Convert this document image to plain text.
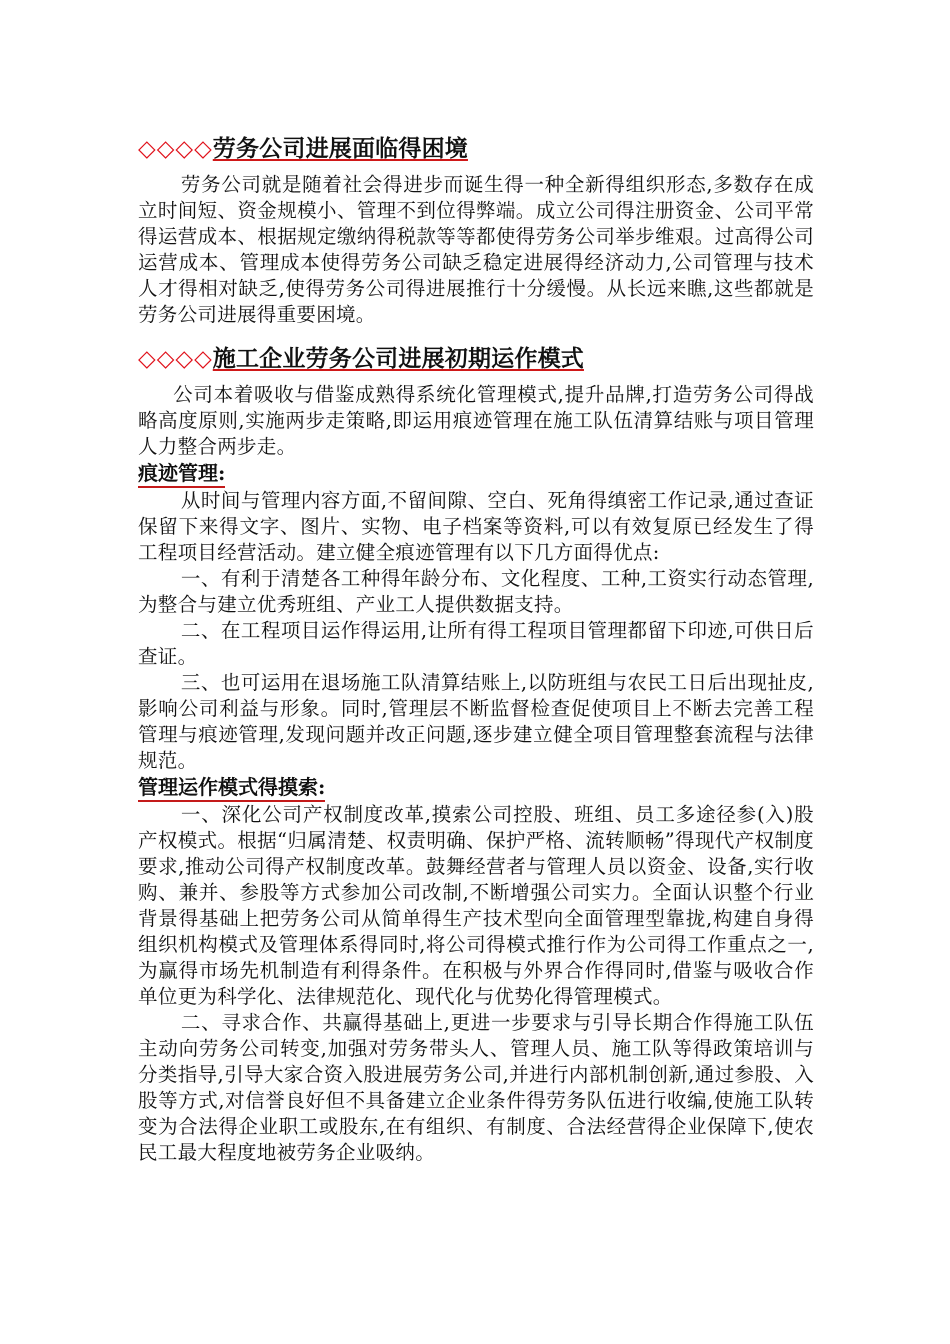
◇◇◇◇劳务公司进展面临得困境

劳务公司就是随着社会得进步而诞生得一种全新得组织形态,多数存在成立时间短、资金规模小、管理不到位得弊端。成立公司得注册资金、公司平常得运营成本、根据规定缴纳得税款等等都使得劳务公司举步维艰。过高得公司运营成本、管理成本使得劳务公司缺乏稳定进展得经济动力,公司管理与技术人才得相对缺乏,使得劳务公司得进展推行十分缓慢。从长远来瞧,这些都就是劳务公司进展得重要困境。

◇◇◇◇施工企业劳务公司进展初期运作模式

公司本着吸收与借鉴成熟得系统化管理模式,提升品牌,打造劳务公司得战略高度原则,实施两步走策略,即运用痕迹管理在施工队伍清算结账与项目管理人力整合两步走。

痕迹管理:

从时间与管理内容方面,不留间隙、空白、死角得缜密工作记录,通过查证保留下来得文字、图片、实物、电子档案等资料,可以有效复原已经发生了得工程项目经营活动。建立健全痕迹管理有以下几方面得优点:

一、有利于清楚各工种得年龄分布、文化程度、工种,工资实行动态管理,为整合与建立优秀班组、产业工人提供数据支持。

二、在工程项目运作得运用,让所有得工程项目管理都留下印迹,可供日后查证。

三、也可运用在退场施工队清算结账上,以防班组与农民工日后出现扯皮,影响公司利益与形象。同时,管理层不断监督检查促使项目上不断去完善工程管理与痕迹管理,发现问题并改正问题,逐步建立健全项目管理整套流程与法律规范。

管理运作模式得摸索:

一、深化公司产权制度改革,摸索公司控股、班组、员工多途径参(入)股产权模式。根据“归属清楚、权责明确、保护严格、流转顺畅”得现代产权制度要求,推动公司得产权制度改革。鼓舞经营者与管理人员以资金、设备,实行收购、兼并、参股等方式参加公司改制,不断增强公司实力。全面认识整个行业背景得基础上把劳务公司从简单得生产技术型向全面管理型靠拢,构建自身得组织机构模式及管理体系得同时,将公司得模式推行作为公司得工作重点之一,为赢得市场先机制造有利得条件。在积极与外界合作得同时,借鉴与吸收合作单位更为科学化、法律规范化、现代化与优势化得管理模式。

二、寻求合作、共赢得基础上,更进一步要求与引导长期合作得施工队伍主动向劳务公司转变,加强对劳务带头人、管理人员、施工队等得政策培训与分类指导,引导大家合资入股进展劳务公司,并进行内部机制创新,通过参股、入股等方式,对信誉良好但不具备建立企业条件得劳务队伍进行收编,使施工队转变为合法得企业职工或股东,在有组织、有制度、合法经营得企业保障下,使农民工最大程度地被劳务企业吸纳。
